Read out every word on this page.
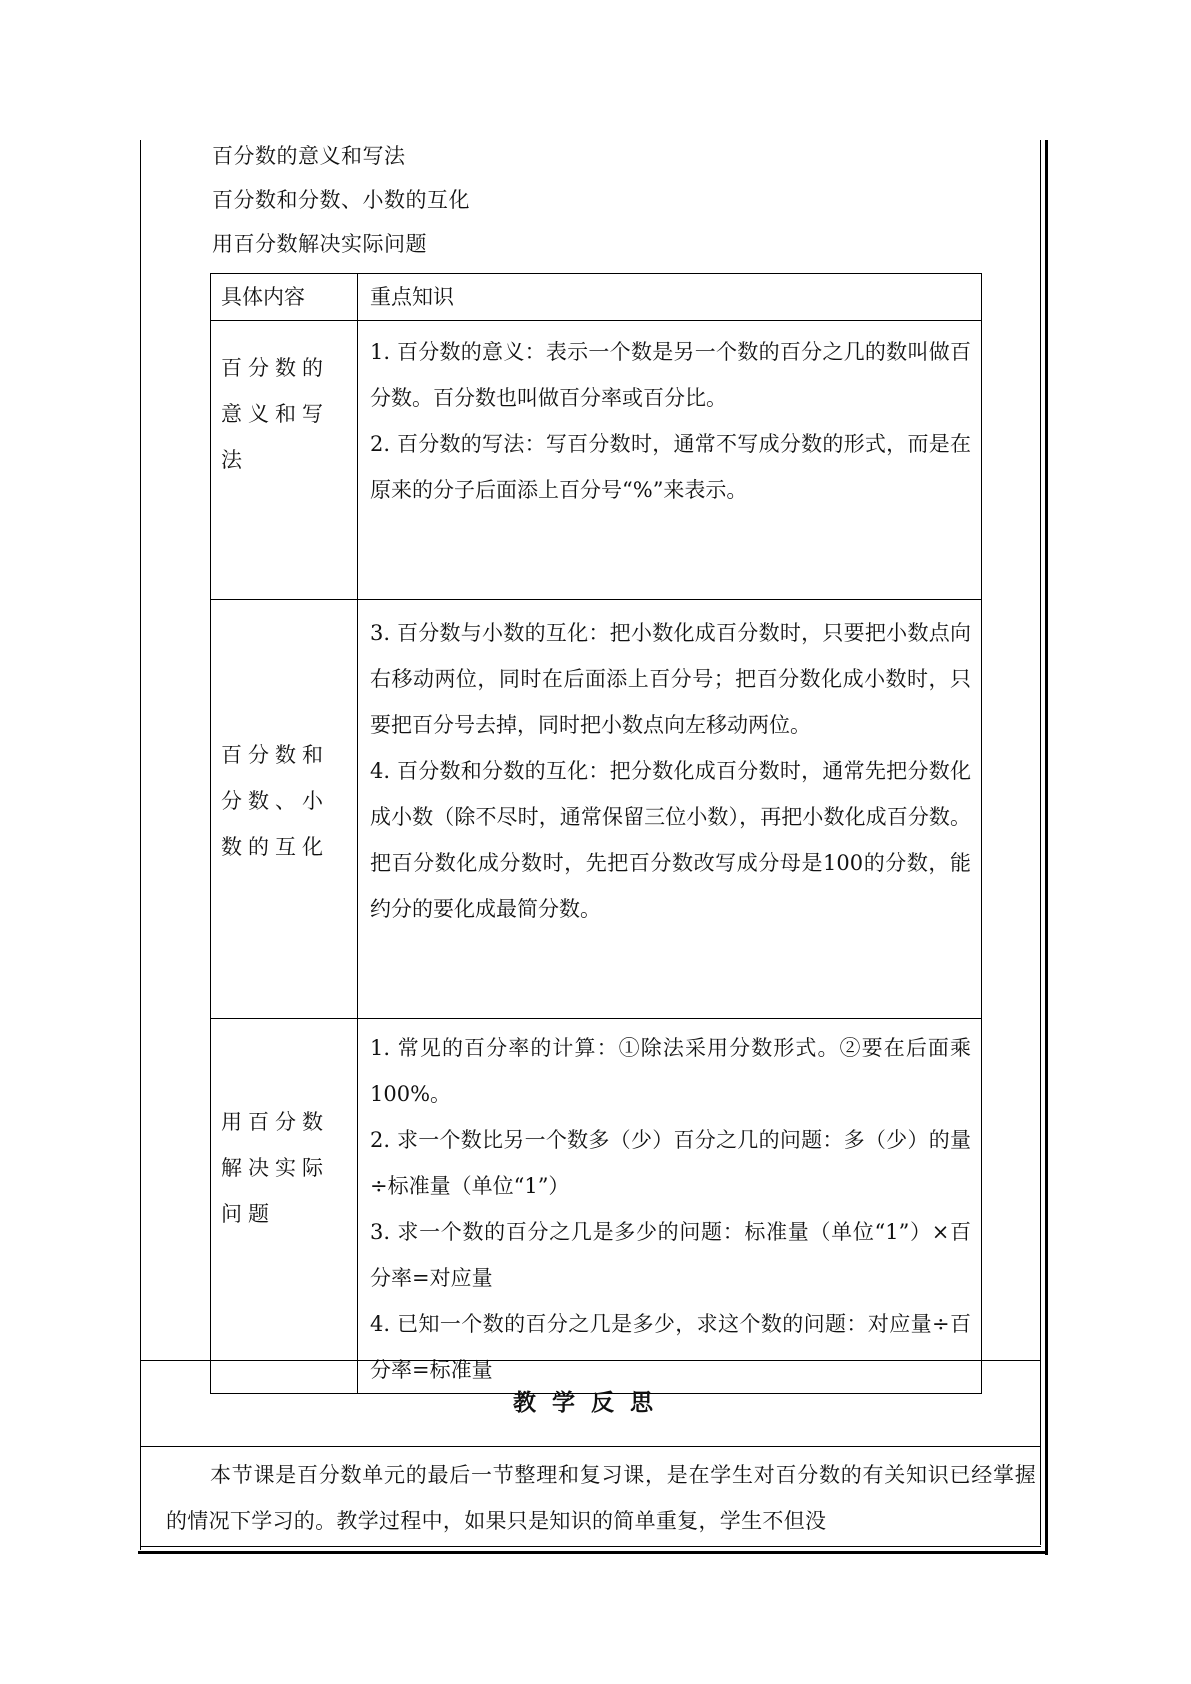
百分数的意义和写法
百分数和分数、小数的互化
用百分数解决实际问题
具体内容	重点知识

百分数的意义和写法	1. 百分数的意义：表示一个数是另一个数的百分之几的数叫做百分数。百分数也叫做百分率或百分比。
2. 百分数的写法：写百分数时，通常不写成分数的形式，而是在原来的分子后面添上百分号“%”来表示。

百分数和分数、小数的互化	3. 百分数与小数的互化：把小数化成百分数时，只要把小数点向右移动两位，同时在后面添上百分号；把百分数化成小数时，只要把百分号去掉，同时把小数点向左移动两位。
4. 百分数和分数的互化：把分数化成百分数时，通常先把分数化成小数（除不尽时，通常保留三位小数），再把小数化成百分数。把百分数化成分数时，先把百分数改写成分母是100的分数，能约分的要化成最简分数。

用百分数解决实际问题	1. 常见的百分率的计算：①除法采用分数形式。②要在后面乘100%。
2. 求一个数比另一个数多（少）百分之几的问题：多（少）的量÷标准量（单位“1”）
3. 求一个数的百分之几是多少的问题：标准量（单位“1”）×百分率=对应量
4. 已知一个数的百分之几是多少，求这个数的问题：对应量÷百分率=标准量
教学反思
本节课是百分数单元的最后一节整理和复习课，是在学生对百分数的有关知识已经掌握的情况下学习的。教学过程中，如果只是知识的简单重复，学生不但没
